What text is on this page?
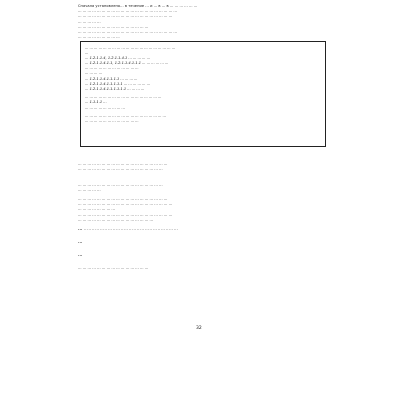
Сначала установлено... в течение ... и ... в ... в ... ... ... ... ... ...
... ... ... ... ... ... ... ... ... ... ... ... ... ... ... ... ... ... ... ... ...
... ... ... ... ... ... ... ... ... ... ... ... ... ... ... ... ... ... ... ...
... ... ... ... ...
... ... ... ... ... ... ... ... ... ... ... ... ... ... ...
... ... ... ... ... ... ... ... ... ... ... ... ... ... ... ... ... ... ... ... ...
... ... ... ... ... ... ... ... ...
... ... ... ... ... ... ... ... ... ... ... ... ... ... ... ... ... ... ... ...
...
... 1.2.1.1.4, 1.2.1.1.4.1 ... ... ... ... ...
... 1.2.1.1.4.1.1, 1.2.1.1.4.1.1.1 ... ... ... ... ... ...
... ... ... ... ... ... ... ... ... ... ... ...
... ... ... ...
... 1.2.1.1.4.1.1.1.1 ... ... ... ...
... 1.2.1.1.4.1.1.1.1.1 ... ... ... ... ... ...
... 1.2.1.1.4.1.1.1.1.1.1 ... ... ... ...
... ... ... ... ... ... ... ... ... ... ... ... ... ... ... ... ...
... 1.1.1.1 ...
... ... ... ... ... ... ... ... ...
... ... ... ... ... ... ... ... ... ... ... ... ... ... ... ... ... ...
... ... ... ... ... ... ... ... ... ... ... ...
... ... ... ... ... ... ... ... ... ... ... ... ... ... ... ... ... ... ...
... ... ... ... ... ... ... ... ... ... ... ... ... ... ... ... ... ...
... ... ... ... ... ... ... ... ... ... ... ... ... ... ... ... ... ...
... ... ... ... ...
... ... ... ... ... ... ... ... ... ... ... ... ... ... ... ... ... ... ...
... ... ... ... ... ... ... ... ... ... ... ... ... ... ... ... ... ... ... ...
... ... ... ... ... ... ... ...
... ... ... ... ... ... ... ... ... ... ... ... ... ... ... ... ... ... ... ...
... ... ... ... ... ... ... ... ... ... ... ... ... ... ... ...
... ...........................................................
...
...
... ... ... ... ... ... ... ... ... ... ... ... ... ... ...
32
